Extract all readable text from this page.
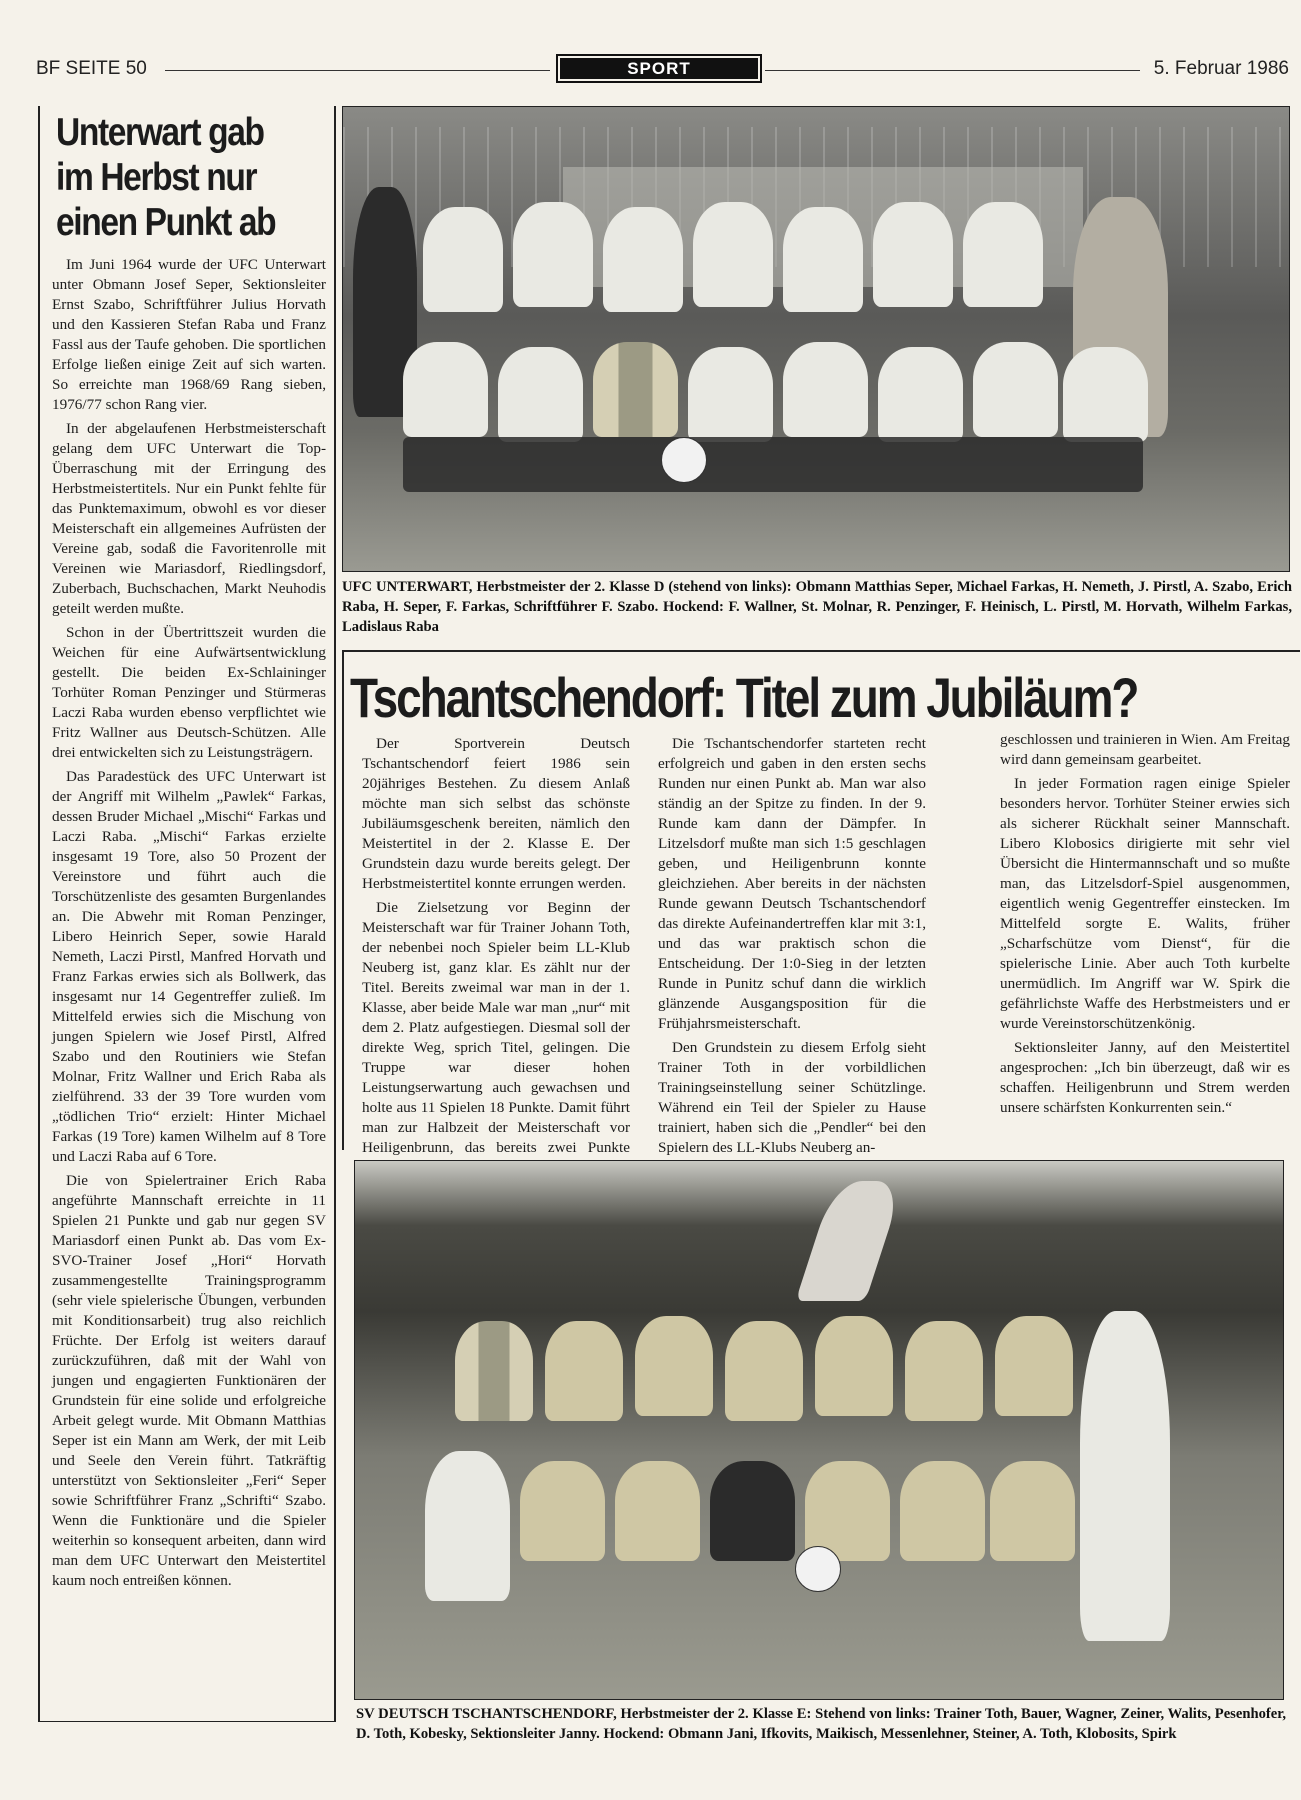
BF SEITE 50	SPORT	5. Februar 1986
Unterwart gab
im Herbst nur
einen Punkt ab

Im Juni 1964 wurde der UFC Unterwart unter Obmann Josef Seper, Sektionsleiter Ernst Szabo, Schriftführer Julius Horvath und den Kassieren Stefan Raba und Franz Fassl aus der Taufe gehoben. Die sportlichen Erfolge ließen einige Zeit auf sich warten. So erreichte man 1968/69 Rang sieben, 1976/77 schon Rang vier.

In der abgelaufenen Herbstmeisterschaft gelang dem UFC Unterwart die Top-Überraschung mit der Erringung des Herbstmeistertitels. Nur ein Punkt fehlte für das Punktemaximum, obwohl es vor dieser Meisterschaft ein allgemeines Aufrüsten der Vereine gab, sodaß die Favoritenrolle mit Vereinen wie Mariasdorf, Riedlingsdorf, Zuberbach, Buchschachen, Markt Neuhodis geteilt werden mußte.

Schon in der Übertrittszeit wurden die Weichen für eine Aufwärtsentwicklung gestellt. Die beiden Ex-Schlaininger Torhüter Roman Penzinger und Stürmeras Laczi Raba wurden ebenso verpflichtet wie Fritz Wallner aus Deutsch-Schützen. Alle drei entwickelten sich zu Leistungsträgern.

Das Paradestück des UFC Unterwart ist der Angriff mit Wilhelm „Pawlek“ Farkas, dessen Bruder Michael „Mischi“ Farkas und Laczi Raba. „Mischi“ Farkas erzielte insgesamt 19 Tore, also 50 Prozent der Vereinstore und führt auch die Torschützenliste des gesamten Burgenlandes an. Die Abwehr mit Roman Penzinger, Libero Heinrich Seper, sowie Harald Nemeth, Laczi Pirstl, Manfred Horvath und Franz Farkas erwies sich als Bollwerk, das insgesamt nur 14 Gegentreffer zuließ. Im Mittelfeld erwies sich die Mischung von jungen Spielern wie Josef Pirstl, Alfred Szabo und den Routiniers wie Stefan Molnar, Fritz Wallner und Erich Raba als zielführend. 33 der 39 Tore wurden vom „tödlichen Trio“ erzielt: Hinter Michael Farkas (19 Tore) kamen Wilhelm auf 8 Tore und Laczi Raba auf 6 Tore.

Die von Spielertrainer Erich Raba angeführte Mannschaft erreichte in 11 Spielen 21 Punkte und gab nur gegen SV Mariasdorf einen Punkt ab. Das vom Ex-SVO-Trainer Josef „Hori“ Horvath zusammengestellte Trainingsprogramm (sehr viele spielerische Übungen, verbunden mit Konditionsarbeit) trug also reichlich Früchte. Der Erfolg ist weiters darauf zurückzuführen, daß mit der Wahl von jungen und engagierten Funktionären der Grundstein für eine solide und erfolgreiche Arbeit gelegt wurde. Mit Obmann Matthias Seper ist ein Mann am Werk, der mit Leib und Seele den Verein führt. Tatkräftig unterstützt von Sektionsleiter „Feri“ Seper sowie Schriftführer Franz „Schrifti“ Szabo. Wenn die Funktionäre und die Spieler weiterhin so konsequent arbeiten, dann wird man dem UFC Unterwart den Meistertitel kaum noch entreißen können.

UFC UNTERWART, Herbstmeister der 2. Klasse D (stehend von links): Obmann Matthias Seper, Michael Farkas, H. Nemeth, J. Pirstl, A. Szabo, Erich Raba, H. Seper, F. Farkas, Schriftführer F. Szabo. Hockend: F. Wallner, St. Molnar, R. Penzinger, F. Heinisch, L. Pirstl, M. Horvath, Wilhelm Farkas, Ladislaus Raba
Tschantschendorf: Titel zum Jubiläum?

Der Sportverein Deutsch Tschantschendorf feiert 1986 sein 20jähriges Bestehen. Zu diesem Anlaß möchte man sich selbst das schönste Jubiläumsgeschenk bereiten, nämlich den Meistertitel in der 2. Klasse E. Der Grundstein dazu wurde bereits gelegt. Der Herbstmeistertitel konnte errungen werden.

Die Zielsetzung vor Beginn der Meisterschaft war für Trainer Johann Toth, der nebenbei noch Spieler beim LL-Klub Neuberg ist, ganz klar. Es zählt nur der Titel. Bereits zweimal war man in der 1. Klasse, aber beide Male war man „nur“ mit dem 2. Platz aufgestiegen. Diesmal soll der direkte Weg, sprich Titel, gelingen. Die Truppe war dieser hohen Leistungserwartung auch gewachsen und holte aus 11 Spielen 18 Punkte. Damit führt man zur Halbzeit der Meisterschaft vor Heiligenbrunn, das bereits zwei Punkte

Die Tschantschendorfer starteten recht erfolgreich und gaben in den ersten sechs Runden nur einen Punkt ab. Man war also ständig an der Spitze zu finden. In der 9. Runde kam dann der Dämpfer. In Litzelsdorf mußte man sich 1:5 geschlagen geben, und Heiligenbrunn konnte gleichziehen. Aber bereits in der nächsten Runde gewann Deutsch Tschantschendorf das direkte Aufeinandertreffen klar mit 3:1, und das war praktisch schon die Entscheidung. Der 1:0-Sieg in der letzten Runde in Punitz schuf dann die wirklich glänzende Ausgangsposition für die Frühjahrsmeisterschaft.

Den Grundstein zu diesem Erfolg sieht Trainer Toth in der vorbildlichen Trainingseinstellung seiner Schützlinge. Während ein Teil der Spieler zu Hause trainiert, haben sich die „Pendler“ bei den Spielern des LL-Klubs Neuberg an-

geschlossen und trainieren in Wien. Am Freitag wird dann gemeinsam gearbeitet.

In jeder Formation ragen einige Spieler besonders hervor. Torhüter Steiner erwies sich als sicherer Rückhalt seiner Mannschaft. Libero Klobosics dirigierte mit sehr viel Übersicht die Hintermannschaft und so mußte man, das Litzelsdorf-Spiel ausgenommen, eigentlich wenig Gegentreffer einstecken. Im Mittelfeld sorgte E. Walits, früher „Scharfschütze vom Dienst“, für die spielerische Linie. Aber auch Toth kurbelte unermüdlich. Im Angriff war W. Spirk die gefährlichste Waffe des Herbstmeisters und er wurde Vereinstorschützenkönig.

Sektionsleiter Janny, auf den Meistertitel angesprochen: „Ich bin überzeugt, daß wir es schaffen. Heiligenbrunn und Strem werden unsere schärfsten Konkurrenten sein.“

SV DEUTSCH TSCHANTSCHENDORF, Herbstmeister der 2. Klasse E: Stehend von links: Trainer Toth, Bauer, Wagner, Zeiner, Walits, Pesenhofer, D. Toth, Kobesky, Sektionsleiter Janny. Hockend: Obmann Jani, Ifkovits, Maikisch, Messenlehner, Steiner, A. Toth, Klobosits, Spirk
